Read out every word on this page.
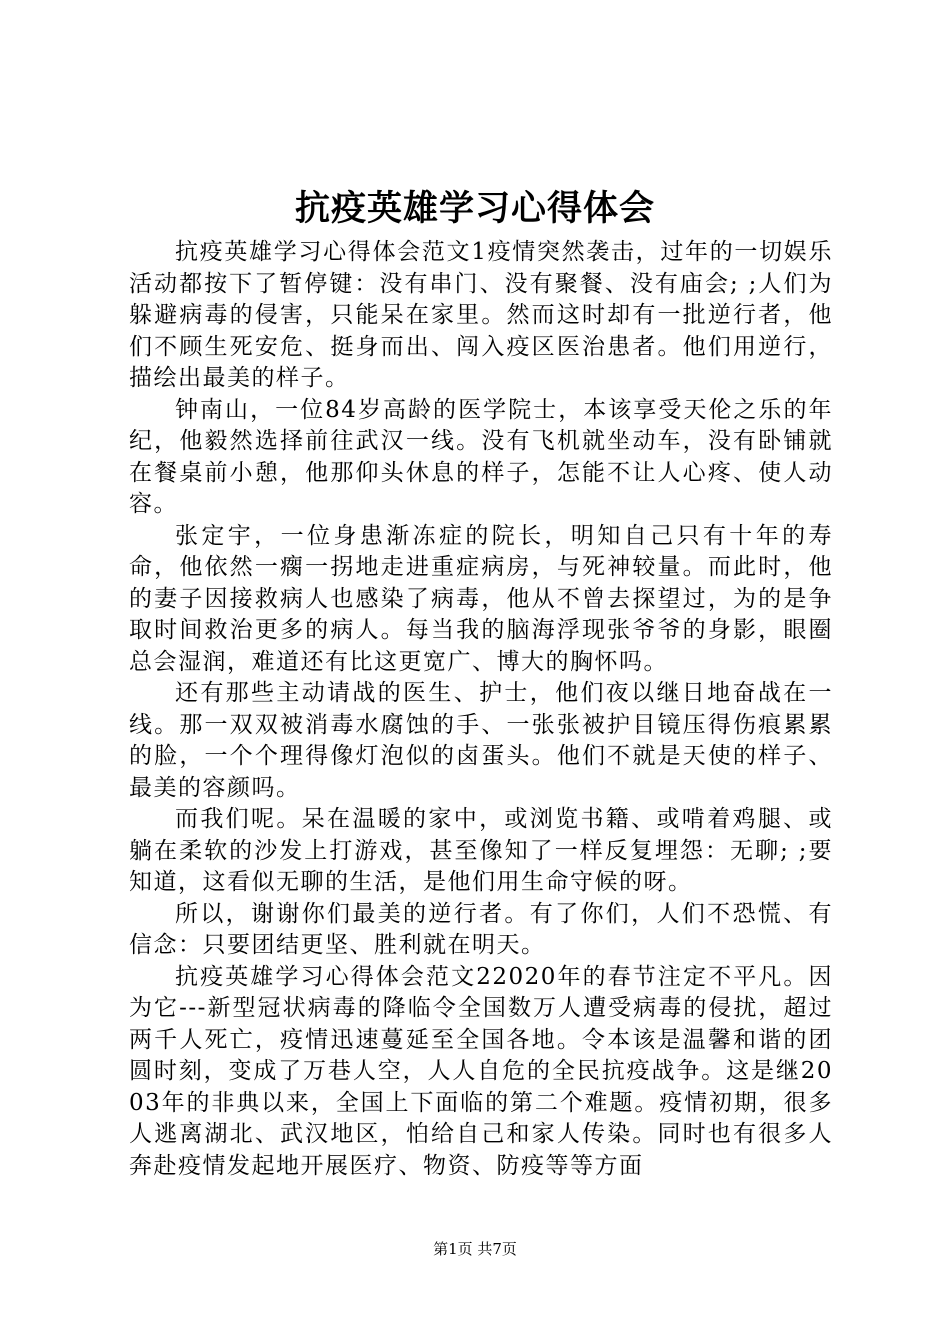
抗疫英雄学习心得体会

抗疫英雄学习心得体会范文1疫情突然袭击，过年的一切娱乐活动都按下了暂停键：没有串门、没有聚餐、没有庙会; ;人们为躲避病毒的侵害，只能呆在家里。然而这时却有一批逆行者，他们不顾生死安危、挺身而出、闯入疫区医治患者。他们用逆行，描绘出最美的样子。

钟南山，一位84岁高龄的医学院士，本该享受天伦之乐的年纪，他毅然选择前往武汉一线。没有飞机就坐动车，没有卧铺就在餐桌前小憩，他那仰头休息的样子，怎能不让人心疼、使人动容。

张定宇，一位身患渐冻症的院长，明知自己只有十年的寿命，他依然一瘸一拐地走进重症病房，与死神较量。而此时，他的妻子因接救病人也感染了病毒，他从不曾去探望过，为的是争取时间救治更多的病人。每当我的脑海浮现张爷爷的身影，眼圈总会湿润，难道还有比这更宽广、博大的胸怀吗。

还有那些主动请战的医生、护士，他们夜以继日地奋战在一线。那一双双被消毒水腐蚀的手、一张张被护目镜压得伤痕累累的脸，一个个理得像灯泡似的卤蛋头。他们不就是天使的样子、最美的容颜吗。

而我们呢。呆在温暖的家中，或浏览书籍、或啃着鸡腿、或躺在柔软的沙发上打游戏，甚至像知了一样反复埋怨：无聊; ;要知道，这看似无聊的生活，是他们用生命守候的呀。

所以，谢谢你们最美的逆行者。有了你们，人们不恐慌、有信念：只要团结更坚、胜利就在明天。

抗疫英雄学习心得体会范文22020年的春节注定不平凡。因为它---新型冠状病毒的降临令全国数万人遭受病毒的侵扰，超过两千人死亡，疫情迅速蔓延至全国各地。令本该是温馨和谐的团圆时刻，变成了万巷人空，人人自危的全民抗疫战争。这是继2003年的非典以来，全国上下面临的第二个难题。疫情初期，很多人逃离湖北、武汉地区，怕给自己和家人传染。同时也有很多人奔赴疫情发起地开展医疗、物资、防疫等等方面

第1页 共7页
